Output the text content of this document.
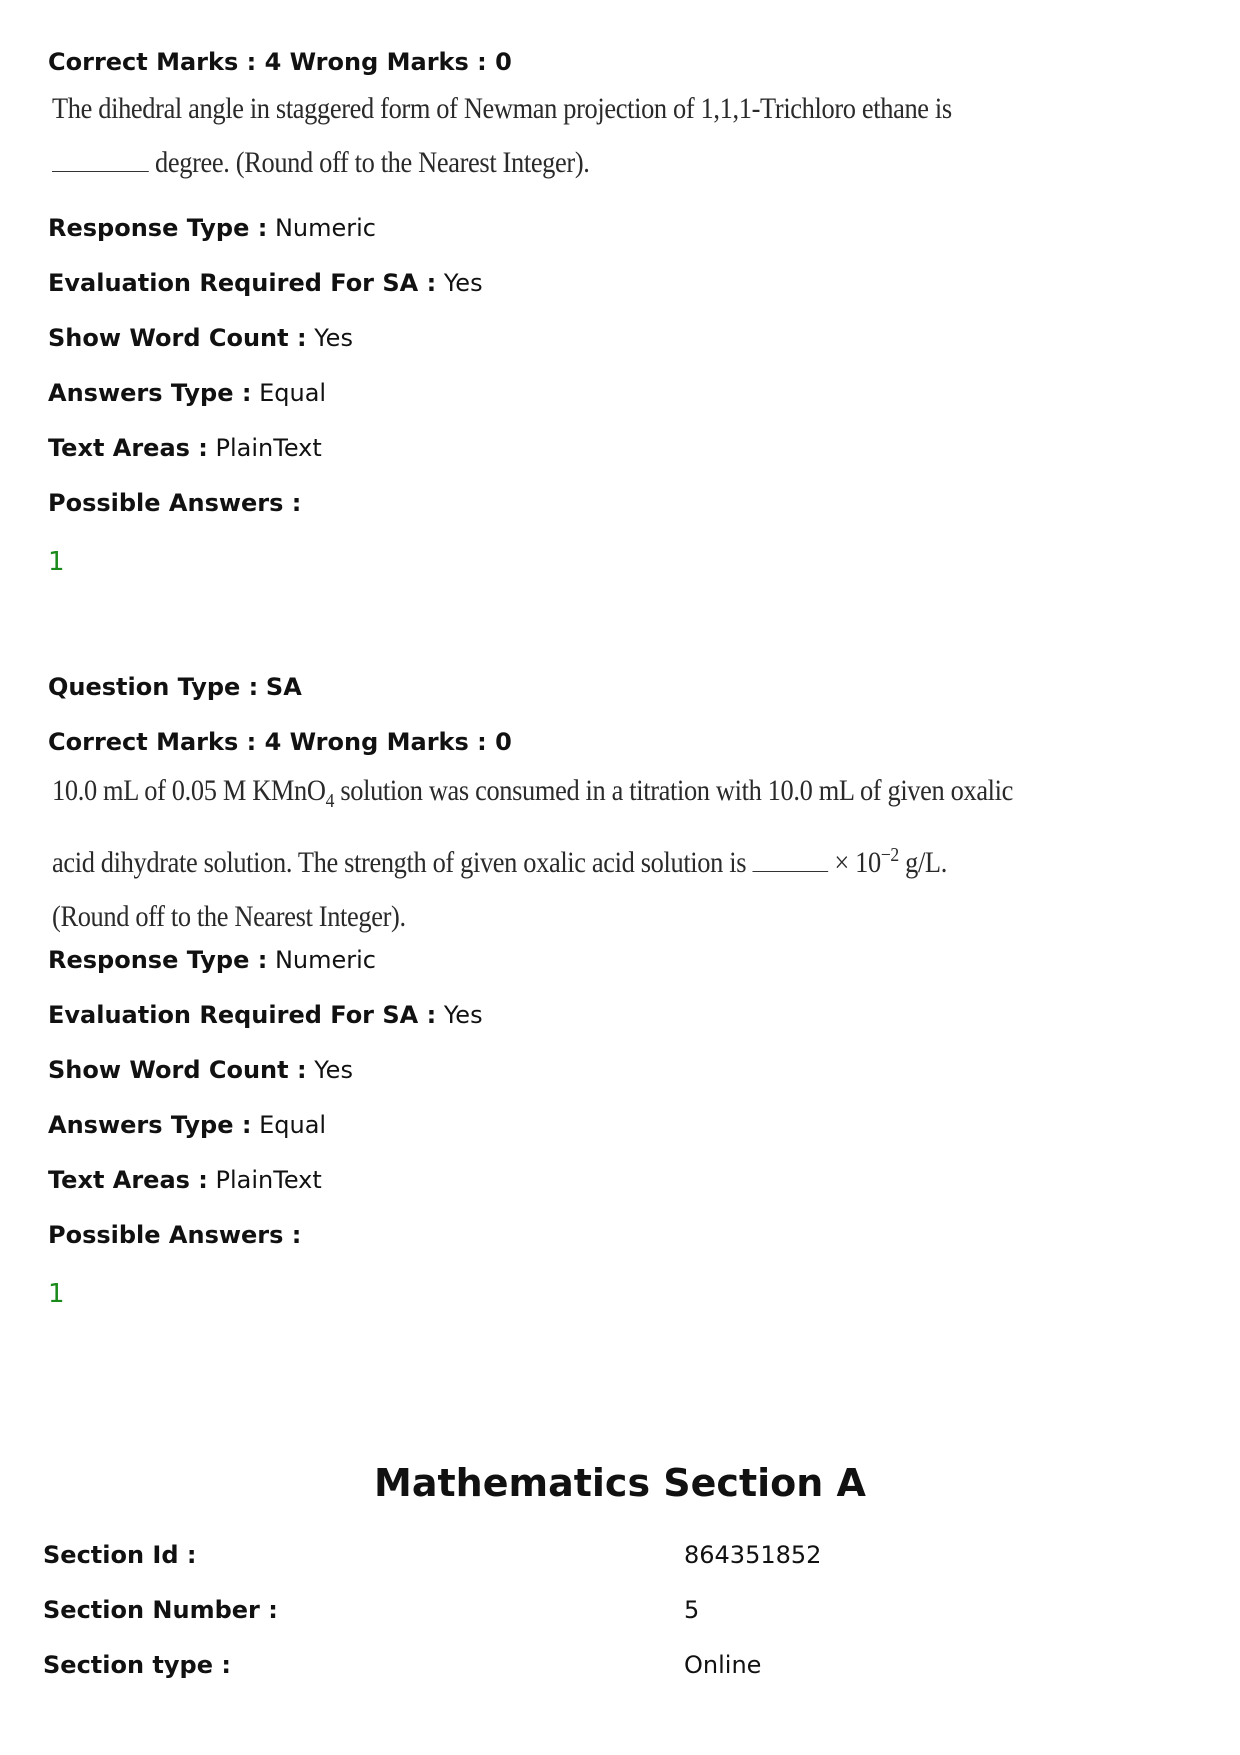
Correct Marks : 4 Wrong Marks : 0

The dihedral angle in staggered form of Newman projection of 1,1,1-Trichloro ethane is
degree. (Round off to the Nearest Integer).

Response Type : Numeric

Evaluation Required For SA : Yes

Show Word Count : Yes

Answers Type : Equal

Text Areas : PlainText

Possible Answers :

1

Question Type : SA

Correct Marks : 4 Wrong Marks : 0

10.0 mL of 0.05 M KMnO$_4$ solution was consumed in a titration with 10.0 mL of given oxalic
acid dihydrate solution. The strength of given oxalic acid solution is	× $10^{-2}$ g/L.
(Round off to the Nearest Integer).

Response Type : Numeric

Evaluation Required For SA : Yes

Show Word Count : Yes

Answers Type : Equal

Text Areas : PlainText

Possible Answers :

1

Mathematics Section A
Section Id :	864351852
Section Number :	5
Section type :	Online
